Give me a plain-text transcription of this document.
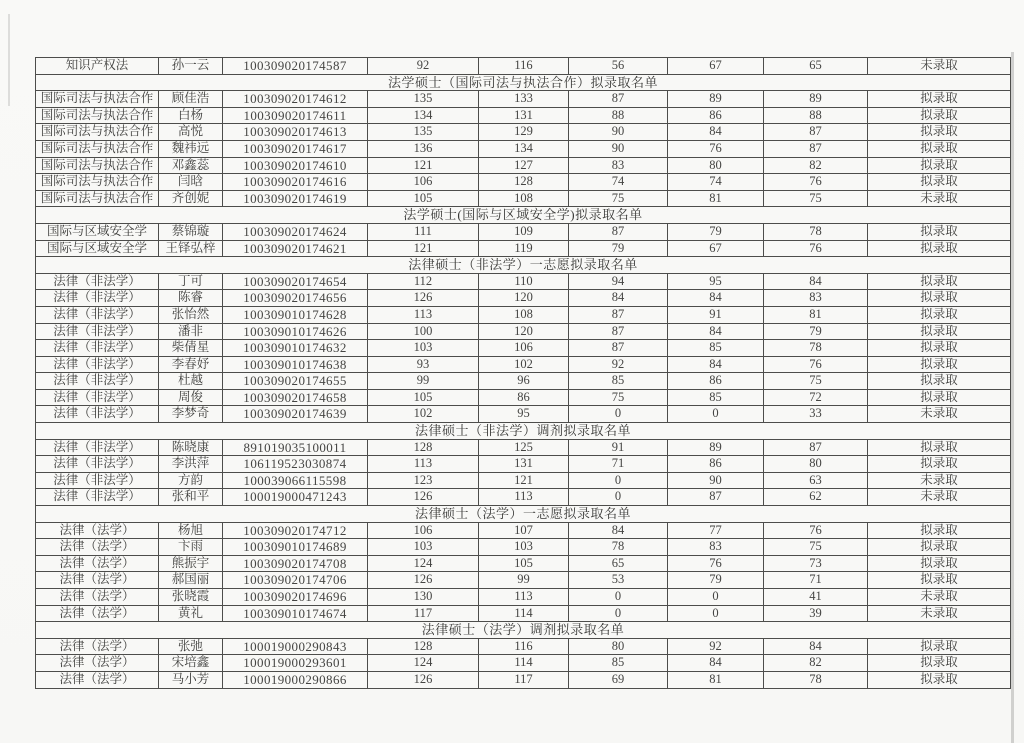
知识产权法	孙一云	100309020174587	92	116	56	67	65	未录取
法学硕士（国际司法与执法合作）拟录取名单								
国际司法与执法合作	顾佳浩	100309020174612	135	133	87	89	89	拟录取
国际司法与执法合作	白杨	100309020174611	134	131	88	86	88	拟录取
国际司法与执法合作	高悦	100309020174613	135	129	90	84	87	拟录取
国际司法与执法合作	魏祎远	100309020174617	136	134	90	76	87	拟录取
国际司法与执法合作	邓鑫蕊	100309020174610	121	127	83	80	82	拟录取
国际司法与执法合作	闫晗	100309020174616	106	128	74	74	76	拟录取
国际司法与执法合作	齐创妮	100309020174619	105	108	75	81	75	未录取
法学硕士(国际与区域安全学)拟录取名单								
国际与区域安全学	蔡锦璇	100309020174624	111	109	87	79	78	拟录取
国际与区域安全学	王铎弘梓	100309020174621	121	119	79	67	76	拟录取
法律硕士（非法学）一志愿拟录取名单								
法律（非法学）	丁可	100309020174654	112	110	94	95	84	拟录取
法律（非法学）	陈睿	100309020174656	126	120	84	84	83	拟录取
法律（非法学）	张怡然	100309010174628	113	108	87	91	81	拟录取
法律（非法学）	潘非	100309010174626	100	120	87	84	79	拟录取
法律（非法学）	柴倩星	100309010174632	103	106	87	85	78	拟录取
法律（非法学）	李春妤	100309010174638	93	102	92	84	76	拟录取
法律（非法学）	杜越	100309020174655	99	96	85	86	75	拟录取
法律（非法学）	周俊	100309020174658	105	86	75	85	72	拟录取
法律（非法学）	李梦奇	100309020174639	102	95	0	0	33	未录取
法律硕士（非法学）调剂拟录取名单								
法律（非法学）	陈晓康	891019035100011	128	125	91	89	87	拟录取
法律（非法学）	李洪萍	106119523030874	113	131	71	86	80	拟录取
法律（非法学）	方韵	100039066115598	123	121	0	90	63	未录取
法律（非法学）	张和平	100019000471243	126	113	0	87	62	未录取
法律硕士（法学）一志愿拟录取名单								
法律（法学）	杨旭	100309020174712	106	107	84	77	76	拟录取
法律（法学）	卞雨	100309010174689	103	103	78	83	75	拟录取
法律（法学）	熊振宇	100309020174708	124	105	65	76	73	拟录取
法律（法学）	郝国丽	100309020174706	126	99	53	79	71	拟录取
法律（法学）	张晓霞	100309020174696	130	113	0	0	41	未录取
法律（法学）	黄礼	100309010174674	117	114	0	0	39	未录取
法律硕士（法学）调剂拟录取名单								
法律（法学）	张弛	100019000290843	128	116	80	92	84	拟录取
法律（法学）	宋培鑫	100019000293601	124	114	85	84	82	拟录取
法律（法学）	马小芳	100019000290866	126	117	69	81	78	拟录取
